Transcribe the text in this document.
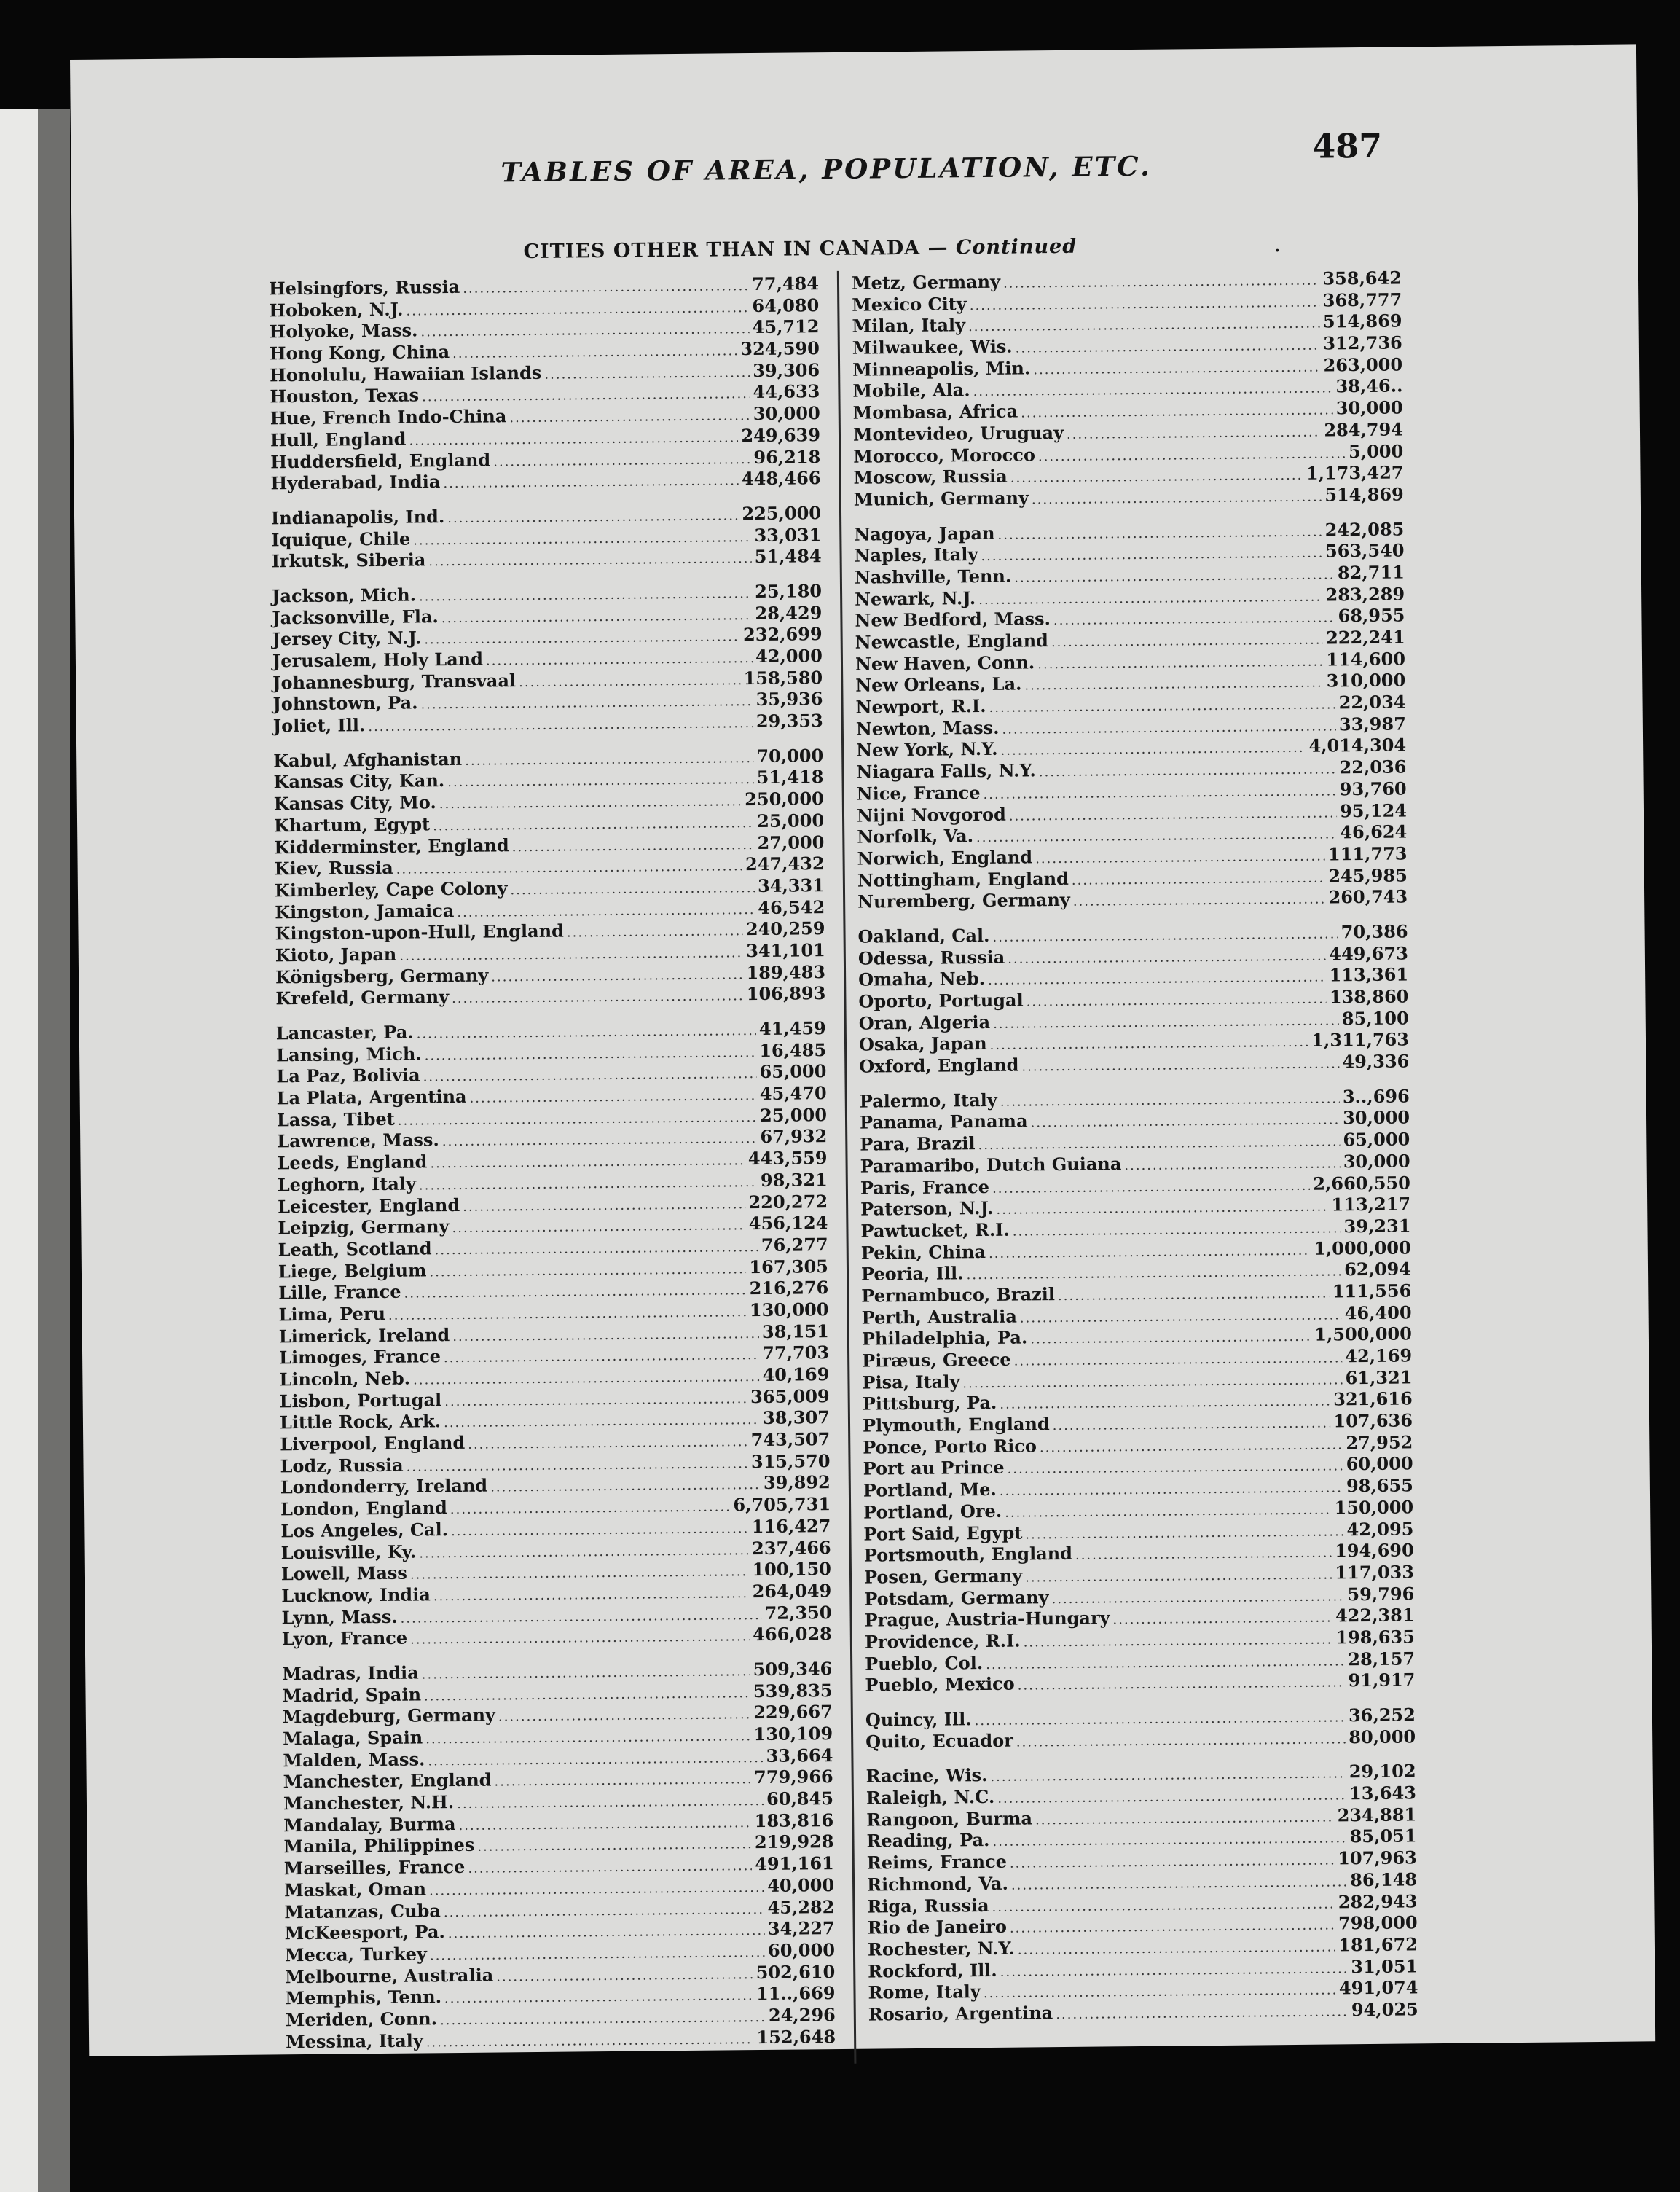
TABLES OF AREA, POPULATION, ETC.
487
CITIES OTHER THAN IN CANADA — Continued	.
Helsingfors, Russia .....	77,484
Hoboken, N.J. .....	64,080
Holyoke, Mass. .....	45,712
Hong Kong, China .....	324,590
Honolulu, Hawaiian Islands .....	39,306
Houston, Texas .....	44,633
Hue, French Indo-China .....	30,000
Hull, England .....	249,639
Huddersfield, England .....	96,218
Hyderabad, India .....	448,466
Indianapolis, Ind. .....	225,000
Iquique, Chile .....	33,031
Irkutsk, Siberia .....	51,484
Jackson, Mich. .....	25,180
Jacksonville, Fla. .....	28,429
Jersey City, N.J. .....	232,699
Jerusalem, Holy Land .....	42,000
Johannesburg, Transvaal .....	158,580
Johnstown, Pa. .....	35,936
Joliet, Ill. .....	29,353
Kabul, Afghanistan .....	70,000
Kansas City, Kan. .....	51,418
Kansas City, Mo. .....	250,000
Khartum, Egypt .....	25,000
Kidderminster, England .....	27,000
Kiev, Russia .....	247,432
Kimberley, Cape Colony .....	34,331
Kingston, Jamaica .....	46,542
Kingston-upon-Hull, England .....	240,259
Kioto, Japan .....	341,101
Königsberg, Germany .....	189,483
Krefeld, Germany .....	106,893
Lancaster, Pa. .....	41,459
Lansing, Mich. .....	16,485
La Paz, Bolivia .....	65,000
La Plata, Argentina .....	45,470
Lassa, Tibet .....	25,000
Lawrence, Mass. .....	67,932
Leeds, England .....	443,559
Leghorn, Italy .....	98,321
Leicester, England .....	220,272
Leipzig, Germany .....	456,124
Leath, Scotland .....	76,277
Liege, Belgium .....	167,305
Lille, France .....	216,276
Lima, Peru .....	130,000
Limerick, Ireland .....	38,151
Limoges, France .....	77,703
Lincoln, Neb. .....	40,169
Lisbon, Portugal .....	365,009
Little Rock, Ark. .....	38,307
Liverpool, England .....	743,507
Lodz, Russia .....	315,570
Londonderry, Ireland .....	39,892
London, England .....	6,705,731
Los Angeles, Cal. .....	116,427
Louisville, Ky. .....	237,466
Lowell, Mass .....	100,150
Lucknow, India .....	264,049
Lynn, Mass. .....	72,350
Lyon, France .....	466,028
Madras, India .....	509,346
Madrid, Spain .....	539,835
Magdeburg, Germany .....	229,667
Malaga, Spain .....	130,109
Malden, Mass. .....	33,664
Manchester, England .....	779,966
Manchester, N.H. .....	60,845
Mandalay, Burma .....	183,816
Manila, Philippines .....	219,928
Marseilles, France .....	491,161
Maskat, Oman .....	40,000
Matanzas, Cuba .....	45,282
McKeesport, Pa. .....	34,227
Mecca, Turkey .....	60,000
Melbourne, Australia .....	502,610
Memphis, Tenn. .....	11..,669
Meriden, Conn. .....	24,296
Messina, Italy .....	152,648
Metz, Germany .....	358,642
Mexico City .....	368,777
Milan, Italy .....	514,869
Milwaukee, Wis. .....	312,736
Minneapolis, Min. .....	263,000
Mobile, Ala. .....	38,46..
Mombasa, Africa .....	30,000
Montevideo, Uruguay .....	284,794
Morocco, Morocco .....	5,000
Moscow, Russia .....	1,173,427
Munich, Germany .....	514,869
Nagoya, Japan .....	242,085
Naples, Italy .....	563,540
Nashville, Tenn. .....	82,711
Newark, N.J. .....	283,289
New Bedford, Mass. .....	68,955
Newcastle, England .....	222,241
New Haven, Conn. .....	114,600
New Orleans, La. .....	310,000
Newport, R.I. .....	22,034
Newton, Mass. .....	33,987
New York, N.Y. .....	4,014,304
Niagara Falls, N.Y. .....	22,036
Nice, France .....	93,760
Nijni Novgorod .....	95,124
Norfolk, Va. .....	46,624
Norwich, England .....	111,773
Nottingham, England .....	245,985
Nuremberg, Germany .....	260,743
Oakland, Cal. .....	70,386
Odessa, Russia .....	449,673
Omaha, Neb. .....	113,361
Oporto, Portugal .....	138,860
Oran, Algeria .....	85,100
Osaka, Japan .....	1,311,763
Oxford, England .....	49,336
Palermo, Italy .....	3..,696
Panama, Panama .....	30,000
Para, Brazil .....	65,000
Paramaribo, Dutch Guiana .....	30,000
Paris, France .....	2,660,550
Paterson, N.J. .....	113,217
Pawtucket, R.I. .....	39,231
Pekin, China .....	1,000,000
Peoria, Ill. .....	62,094
Pernambuco, Brazil .....	111,556
Perth, Australia .....	46,400
Philadelphia, Pa. .....	1,500,000
Piræus, Greece .....	42,169
Pisa, Italy .....	61,321
Pittsburg, Pa. .....	321,616
Plymouth, England .....	107,636
Ponce, Porto Rico .....	27,952
Port au Prince .....	60,000
Portland, Me. .....	98,655
Portland, Ore. .....	150,000
Port Said, Egypt .....	42,095
Portsmouth, England .....	194,690
Posen, Germany .....	117,033
Potsdam, Germany .....	59,796
Prague, Austria-Hungary .....	422,381
Providence, R.I. .....	198,635
Pueblo, Col. .....	28,157
Pueblo, Mexico .....	91,917
Quincy, Ill. .....	36,252
Quito, Ecuador .....	80,000
Racine, Wis. .....	29,102
Raleigh, N.C. .....	13,643
Rangoon, Burma .....	234,881
Reading, Pa. .....	85,051
Reims, France .....	107,963
Richmond, Va. .....	86,148
Riga, Russia .....	282,943
Rio de Janeiro .....	798,000
Rochester, N.Y. .....	181,672
Rockford, Ill. .....	31,051
Rome, Italy .....	491,074
Rosario, Argentina .....	94,025
